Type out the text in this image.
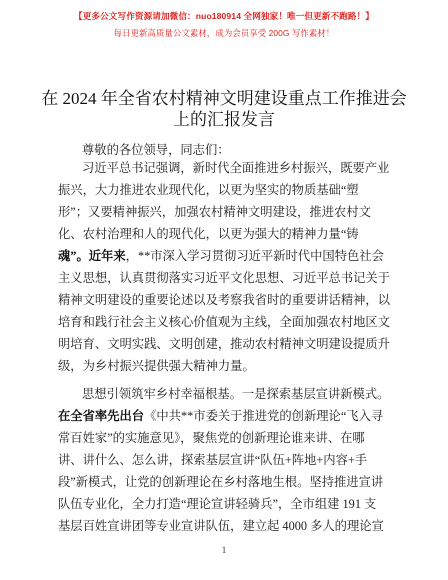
【更多公文写作资源请加微信：nuo180914 全网独家！唯一但更新不跑路！】
每日更新高质量公文素材，成为会员享受 200G 写作素材！
在 2024 年全省农村精神文明建设重点工作推进会
上的汇报发言
尊敬的各位领导，同志们：
习近平总书记强调，新时代全面推进乡村振兴，既要产业
振兴，大力推进农业现代化，以更为坚实的物质基础“塑
形”；又要精神振兴，加强农村精神文明建设，推进农村文
化、农村治理和人的现代化，以更为强大的精神力量“铸
魂”。近年来，**市深入学习贯彻习近平新时代中国特色社会
主义思想，认真贯彻落实习近平文化思想、习近平总书记关于
精神文明建设的重要论述以及考察我省时的重要讲话精神，以
培育和践行社会主义核心价值观为主线，全面加强农村地区文
明培育、文明实践、文明创建，推动农村精神文明建设提质升
级，为乡村振兴提供强大精神力量。
思想引领筑牢乡村幸福根基。一是探索基层宣讲新模式。
在全省率先出台《中共**市委关于推进党的创新理论“飞入寻
常百姓家”的实施意见》，聚焦党的创新理论谁来讲、在哪
讲、讲什么、怎么讲，探索基层宣讲“队伍+阵地+内容+手
段”新模式，让党的创新理论在乡村落地生根。坚持推进宣讲
队伍专业化，全力打造“理论宣讲轻骑兵”，全市组建 191 支
基层百姓宣讲团等专业宣讲队伍，建立起 4000 多人的理论宣
1
